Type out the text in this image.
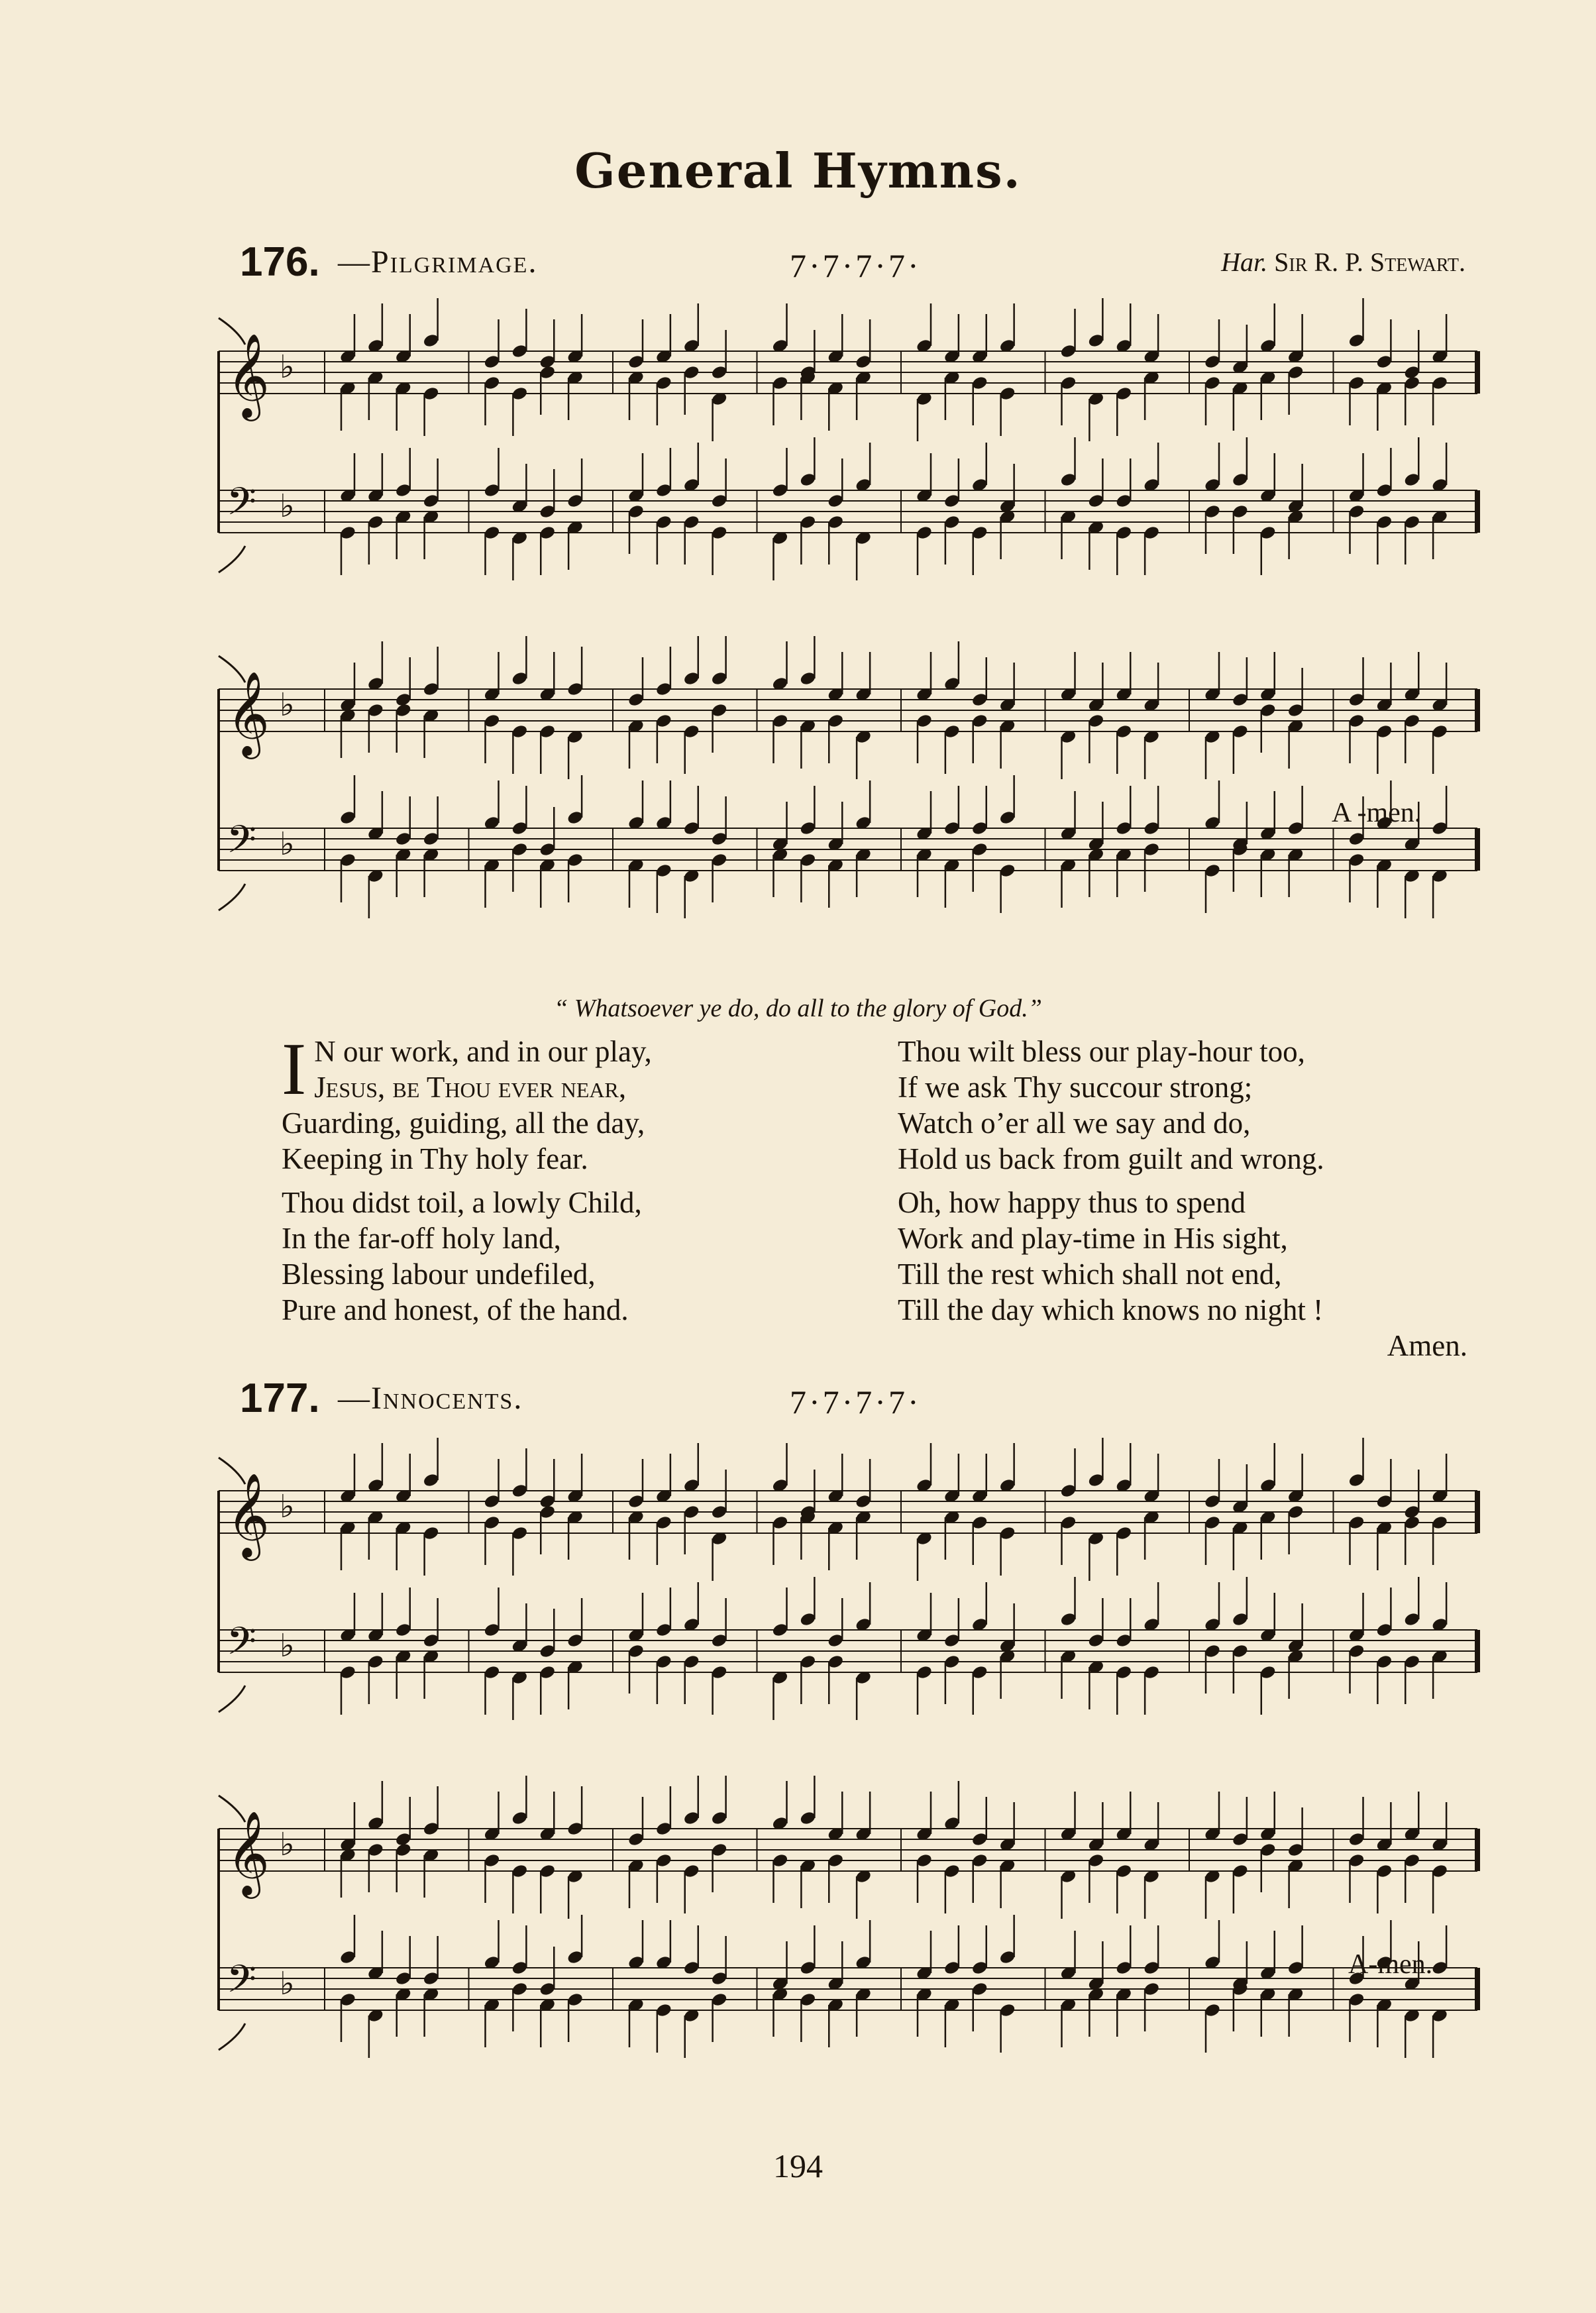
General Hymns.
176. —Pilgrimage.	7·7·7·7·	Har. Sir R. P. Stewart.
𝄞 ♭
𝄢 ♭
𝄞 ♭
𝄢 ♭
A -men.
“ Whatsoever ye do, do all to the glory of God.”
I N our work, and in our play,
Jesus, be Thou ever near,
Guarding, guiding, all the day,
Keeping in Thy holy fear.
Thou didst toil, a lowly Child,
In the far-off holy land,
Blessing labour undefiled,
Pure and honest, of the hand.
Thou wilt bless our play-hour too,
If we ask Thy succour strong;
Watch o’er all we say and do,
Hold us back from guilt and wrong.
Oh, how happy thus to spend
Work and play-time in His sight,
Till the rest which shall not end,
Till the day which knows no night !
Amen.
177. —Innocents.	7·7·7·7·
𝄞 ♭
𝄢 ♭
𝄞 ♭
𝄢 ♭
A-men.
194
